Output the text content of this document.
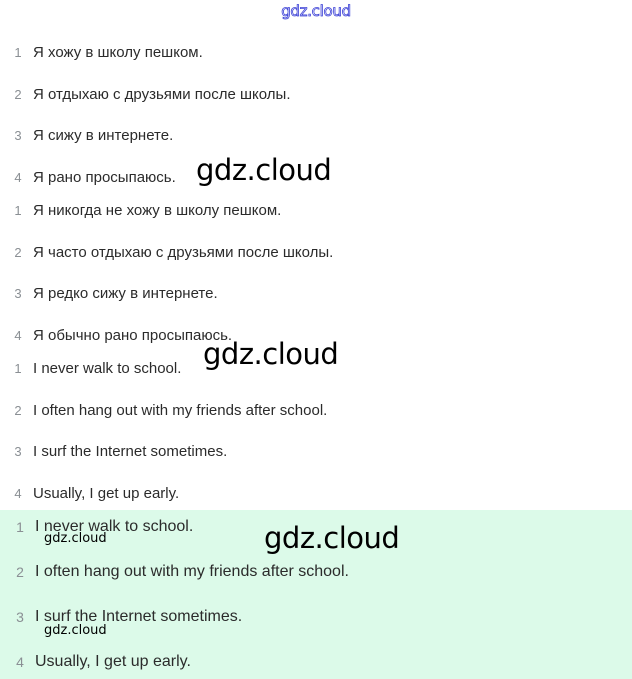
gdz.cloud
1 Я хожу в школу пешком.
2 Я отдыхаю с друзьями после школы.
3 Я сижу в интернете.
4 Я рано просыпаюсь.
1 Я никогда не хожу в школу пешком.
2 Я часто отдыхаю с друзьями после школы.
3 Я редко сижу в интернете.
4 Я обычно рано просыпаюсь.
1 I never walk to school.
2 I often hang out with my friends after school.
3 I surf the Internet sometimes.
4 Usually, I get up early.
1 I never walk to school.
2 I often hang out with my friends after school.
3 I surf the Internet sometimes.
4 Usually, I get up early.
gdz.cloud
gdz.cloud
gdz.cloud
gdz.cloud
gdz.cloud
